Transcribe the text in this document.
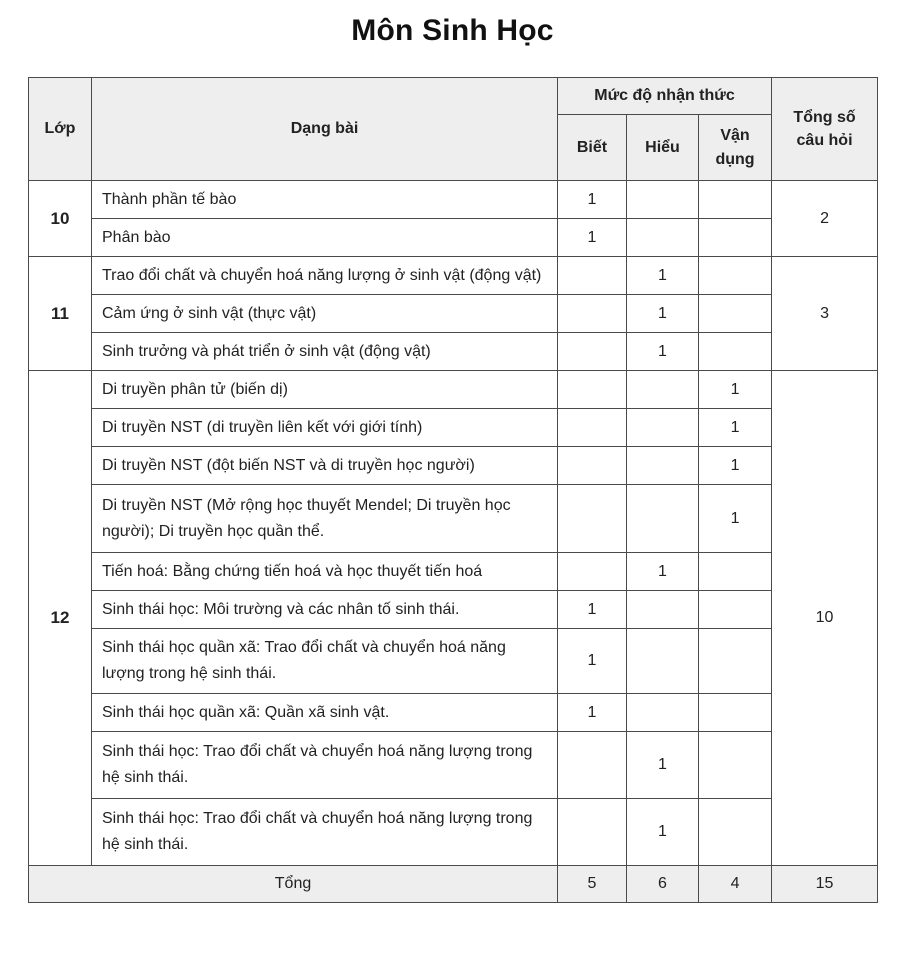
Môn Sinh Học
Lớp	Dạng bài	Mức độ nhận thức			Tổng số câu hỏi
		Biết	Hiểu	Vận dụng	
10	Thành phần tế bào	1			2
	Phân bào	1			
11	Trao đổi chất và chuyển hoá năng lượng ở sinh vật (động vật)		1		3
	Cảm ứng ở sinh vật (thực vật)		1		
	Sinh trưởng và phát triển ở sinh vật (động vật)		1		
12	Di truyền phân tử (biến dị)			1	10
	Di truyền NST (di truyền liên kết với giới tính)			1	
	Di truyền NST (đột biến NST và di truyền học người)			1	
	Di truyền NST (Mở rộng học thuyết Mendel; Di truyền học người); Di truyền học quần thể.			1	
	Tiến hoá: Bằng chứng tiến hoá và học thuyết tiến hoá		1		
	Sinh thái học: Môi trường và các nhân tố sinh thái.	1			
	Sinh thái học quần xã: Trao đổi chất và chuyển hoá năng lượng trong hệ sinh thái.	1			
	Sinh thái học quần xã: Quần xã sinh vật.	1			
	Sinh thái học: Trao đổi chất và chuyển hoá năng lượng trong hệ sinh thái.		1		
	Sinh thái học: Trao đổi chất và chuyển hoá năng lượng trong hệ sinh thái.		1		
Tổng		5	6	4	15
